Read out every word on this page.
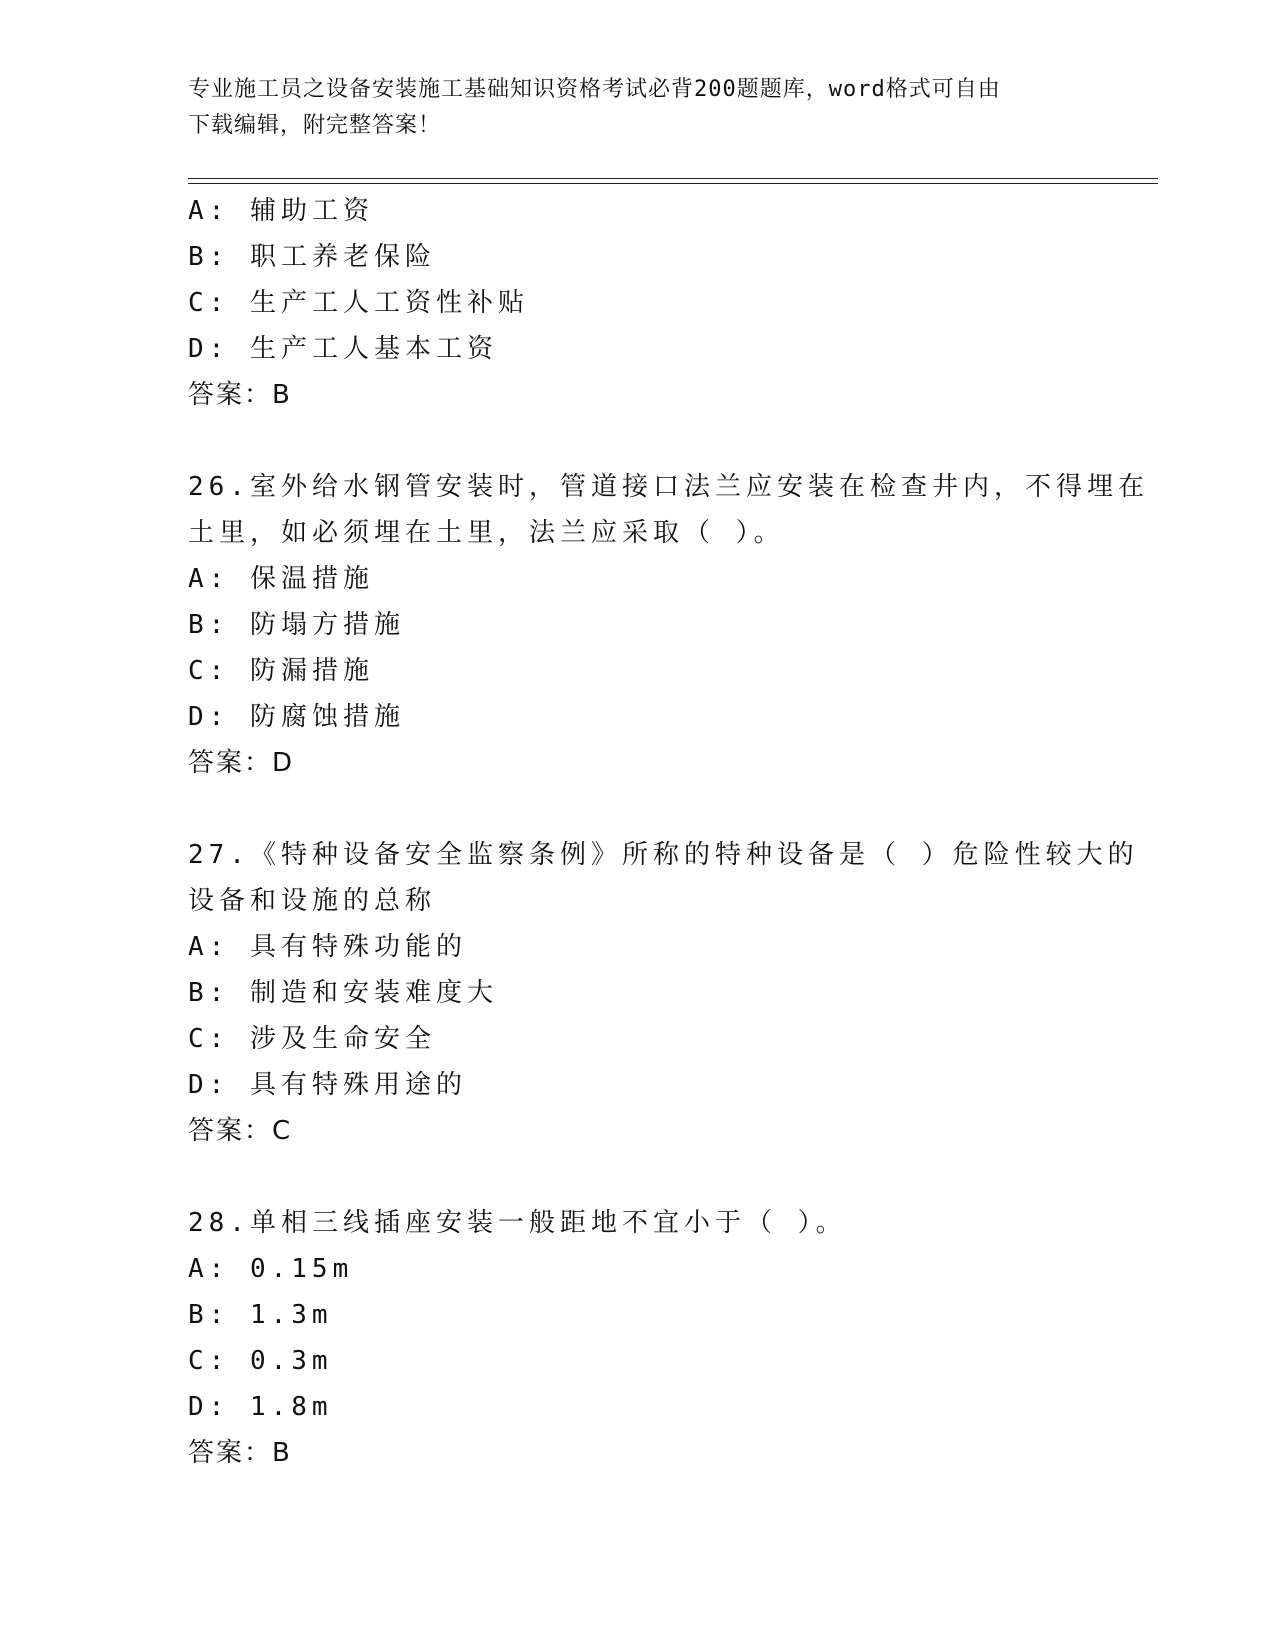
专业施工员之设备安装施工基础知识资格考试必背200题题库，word格式可自由
下载编辑，附完整答案！
A: 辅助工资
B: 职工养老保险
C: 生产工人工资性补贴
D: 生产工人基本工资
答案：B
26.室外给水钢管安装时，管道接口法兰应安装在检查井内，不得埋在
土里，如必须埋在土里，法兰应采取（ ）。
A: 保温措施
B: 防塌方措施
C: 防漏措施
D: 防腐蚀措施
答案：D
27.《特种设备安全监察条例》所称的特种设备是（ ）危险性较大的
设备和设施的总称
A: 具有特殊功能的
B: 制造和安装难度大
C: 涉及生命安全
D: 具有特殊用途的
答案：C
28.单相三线插座安装一般距地不宜小于（ ）。
A: 0.15m
B: 1.3m
C: 0.3m
D: 1.8m
答案：B
